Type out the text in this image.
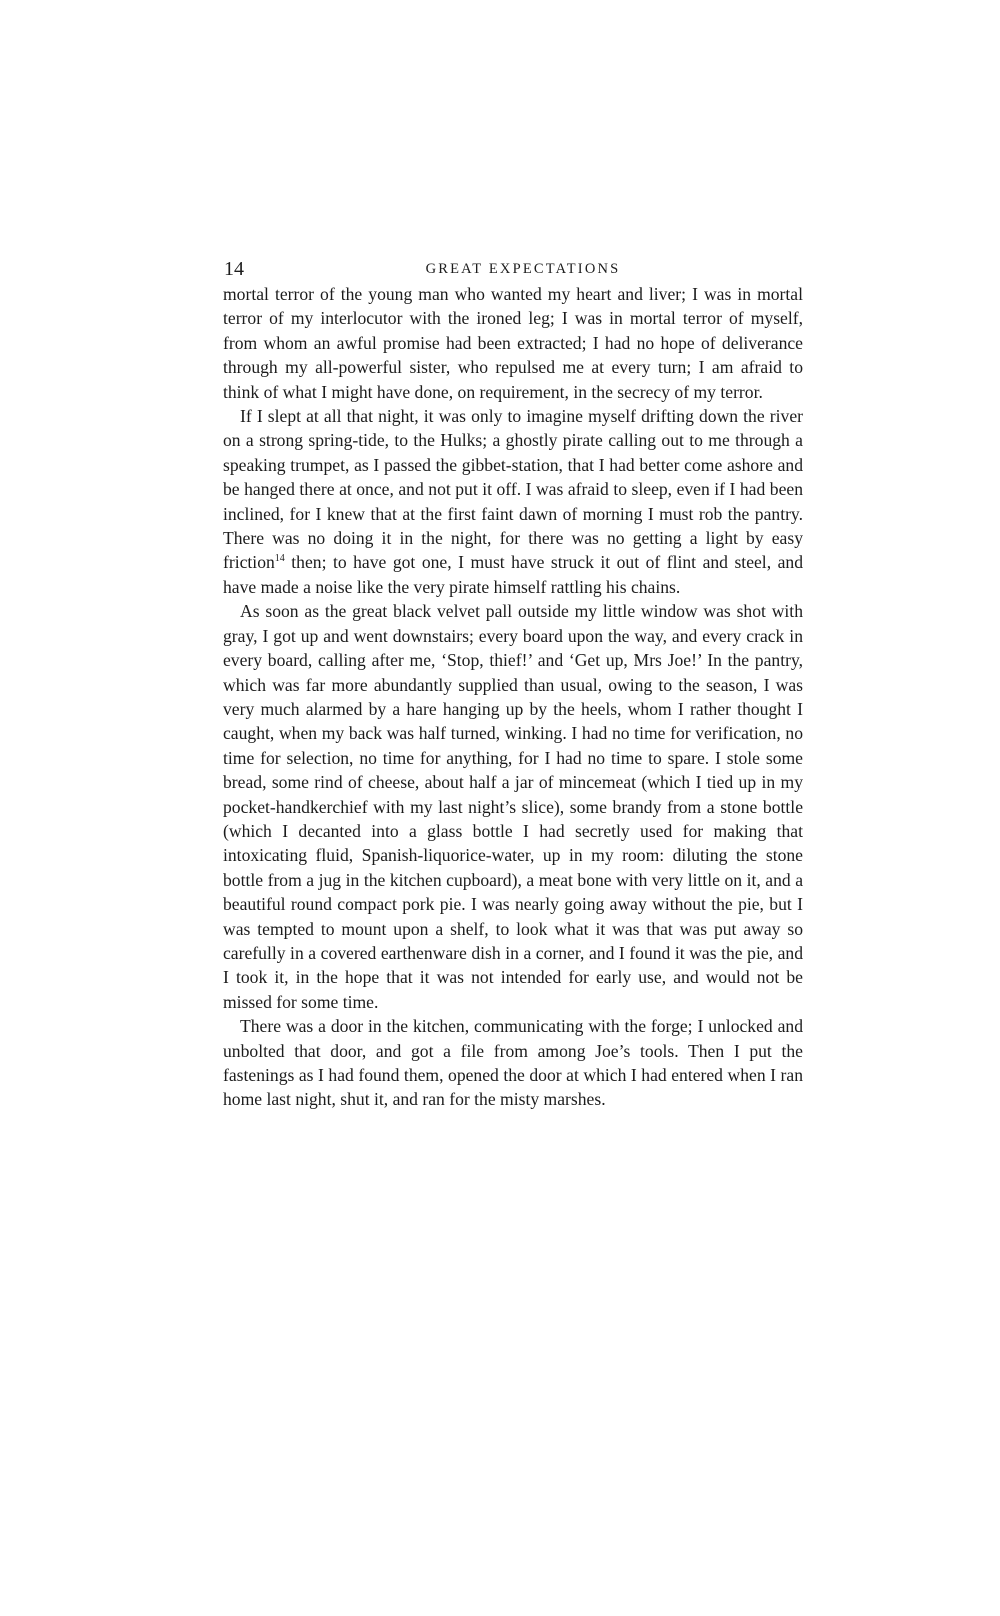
14	GREAT EXPECTATIONS

mortal terror of the young man who wanted my heart and liver; I was in mortal terror of my interlocutor with the ironed leg; I was in mortal terror of myself, from whom an awful promise had been extracted; I had no hope of deliverance through my all-powerful sister, who repulsed me at every turn; I am afraid to think of what I might have done, on requirement, in the secrecy of my terror.

If I slept at all that night, it was only to imagine myself drifting down the river on a strong spring-tide, to the Hulks; a ghostly pirate calling out to me through a speaking trumpet, as I passed the gibbet-station, that I had better come ashore and be hanged there at once, and not put it off. I was afraid to sleep, even if I had been inclined, for I knew that at the first faint dawn of morning I must rob the pantry. There was no doing it in the night, for there was no getting a light by easy friction$^{14}$ then; to have got one, I must have struck it out of flint and steel, and have made a noise like the very pirate himself rattling his chains.

As soon as the great black velvet pall outside my little window was shot with gray, I got up and went downstairs; every board upon the way, and every crack in every board, calling after me, ‘Stop, thief!’ and ‘Get up, Mrs Joe!’ In the pantry, which was far more abundantly supplied than usual, owing to the season, I was very much alarmed by a hare hanging up by the heels, whom I rather thought I caught, when my back was half turned, winking. I had no time for verification, no time for selection, no time for anything, for I had no time to spare. I stole some bread, some rind of cheese, about half a jar of mincemeat (which I tied up in my pocket-handkerchief with my last night’s slice), some brandy from a stone bottle (which I decanted into a glass bottle I had secretly used for making that intoxicating fluid, Spanish-liquorice-water, up in my room: diluting the stone bottle from a jug in the kitchen cupboard), a meat bone with very little on it, and a beautiful round compact pork pie. I was nearly going away without the pie, but I was tempted to mount upon a shelf, to look what it was that was put away so carefully in a covered earthenware dish in a corner, and I found it was the pie, and I took it, in the hope that it was not intended for early use, and would not be missed for some time.

There was a door in the kitchen, communicating with the forge; I unlocked and unbolted that door, and got a file from among Joe’s tools. Then I put the fastenings as I had found them, opened the door at which I had entered when I ran home last night, shut it, and ran for the misty marshes.
